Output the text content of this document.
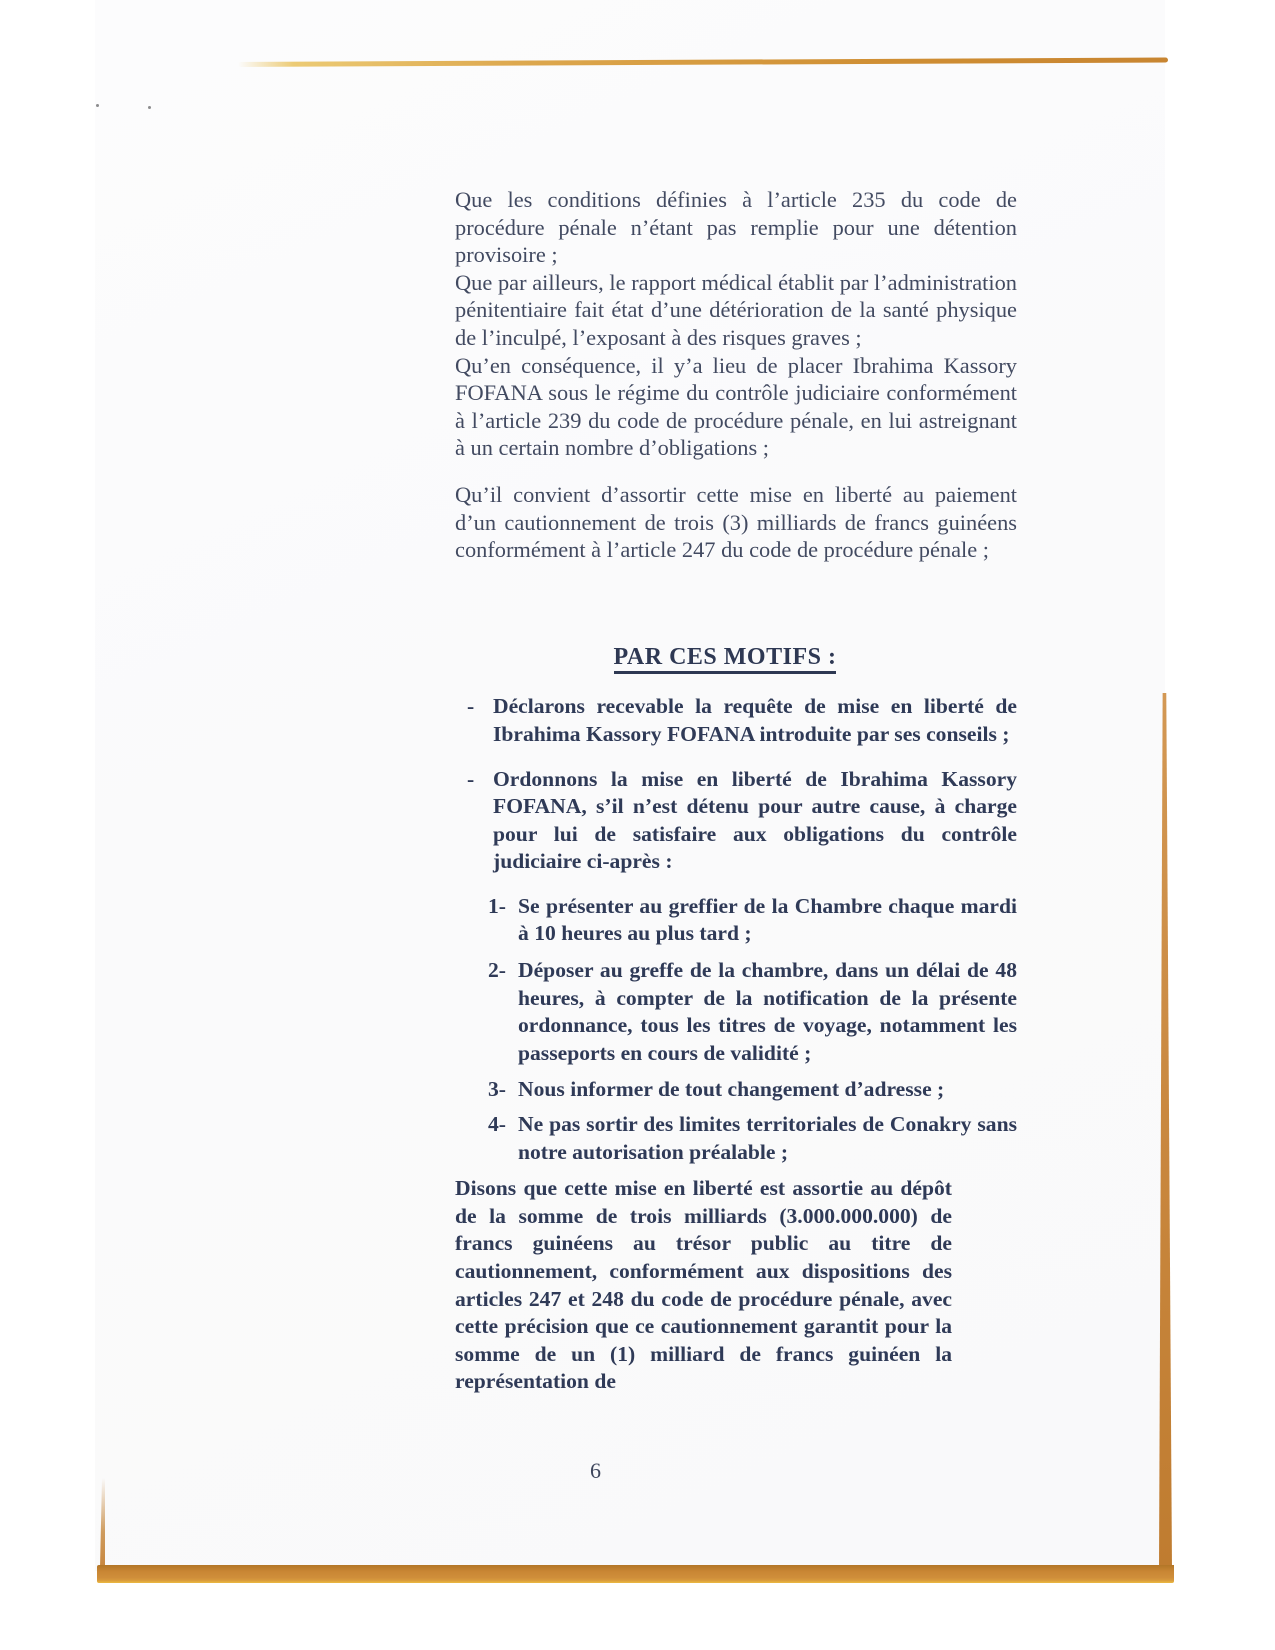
Que les conditions définies à l’article 235 du code de procédure pénale n’étant pas remplie pour une détention provisoire ;

Que par ailleurs, le rapport médical établit par l’administration pénitentiaire fait état d’une détérioration de la santé physique de l’inculpé, l’exposant à des risques graves ;

Qu’en conséquence, il y’a lieu de placer Ibrahima Kassory FOFANA sous le régime du contrôle judiciaire conformément à l’article 239 du code de procédure pénale, en lui astreignant à un certain nombre d’obligations ;

Qu’il convient d’assortir cette mise en liberté au paiement d’un cautionnement de trois (3) milliards de francs guinéens conformément à l’article 247 du code de procédure pénale ;

PAR CES MOTIFS :
- Déclarons recevable la requête de mise en liberté de Ibrahima Kassory FOFANA introduite par ses conseils ;
- Ordonnons la mise en liberté de Ibrahima Kassory FOFANA, s’il n’est détenu pour autre cause, à charge pour lui de satisfaire aux obligations du contrôle judiciaire ci-après :
1- Se présenter au greffier de la Chambre chaque mardi à 10 heures au plus tard ;
2- Déposer au greffe de la chambre, dans un délai de 48 heures, à compter de la notification de la présente ordonnance, tous les titres de voyage, notamment les passeports en cours de validité ;
3- Nous informer de tout changement d’adresse ;
4- Ne pas sortir des limites territoriales de Conakry sans notre autorisation préalable ;

Disons que cette mise en liberté est assortie au dépôt de la somme de trois milliards (3.000.000.000) de francs guinéens au trésor public au titre de cautionnement, conformément aux dispositions des articles 247 et 248 du code de procédure pénale, avec cette précision que ce cautionnement garantit pour la somme de un (1) milliard de francs guinéen la représentation de

6
